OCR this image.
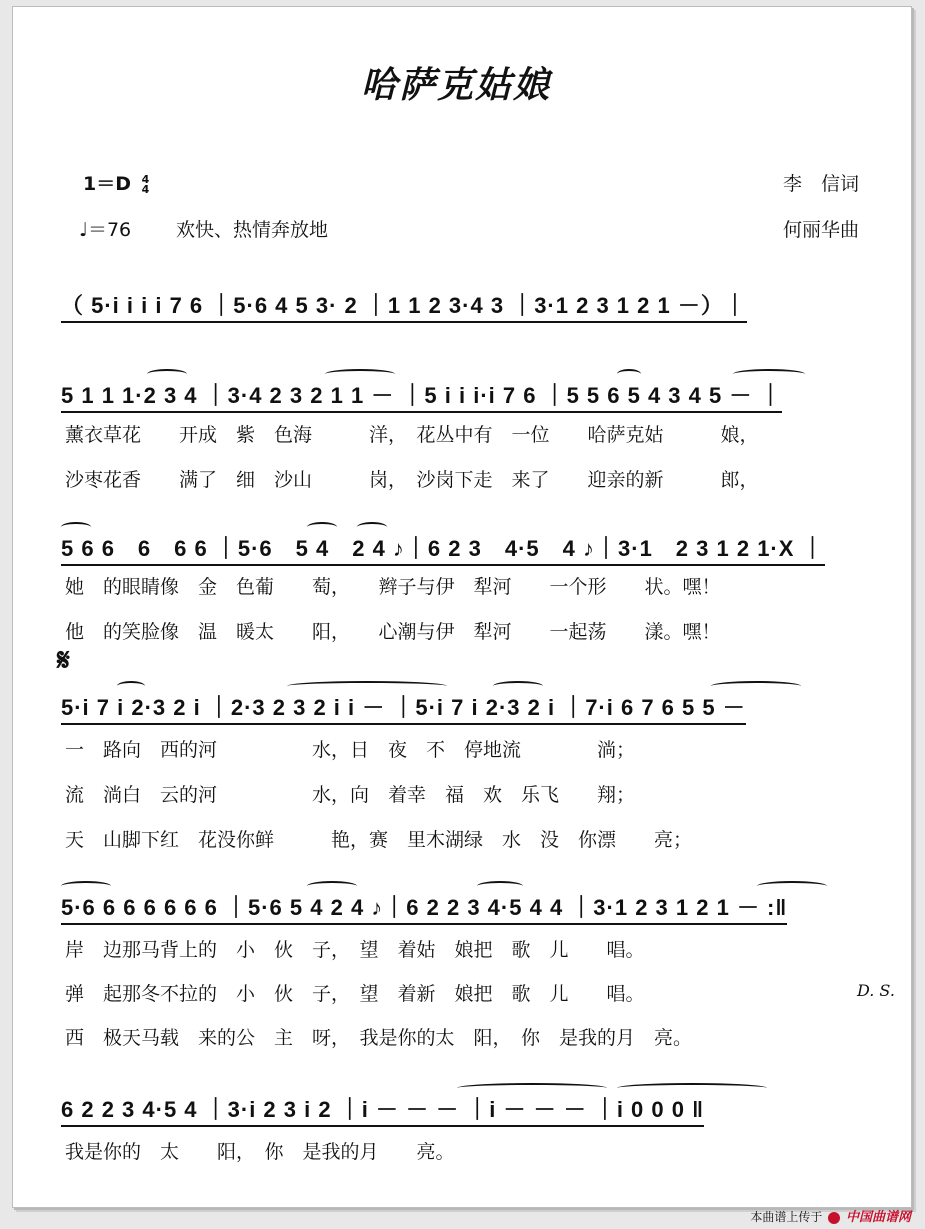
哈萨克姑娘
1＝D 4
4	李　信词
♩＝76 欢快、热情奔放地	何丽华曲
（ 5·i i i i 7 6 ｜5·6 4 5 3· 2 ｜1 1 2 3·4 3 ｜3·1 2 3 1 2 1 －）｜
5 1 1 1·2 3 4 ｜3·4 2 3 2 1 1 － ｜5 i i i·i 7 6 ｜5 5 6 5 4 3 4 5 － ｜
薰衣草花　　开成　紫　色海　　　洋，　花丛中有　一位　　哈萨克姑　　　娘，
沙枣花香　　满了　细　沙山　　　岗，　沙岗下走　来了　　迎亲的新　　　郎，
5 6 6　6　6 6 ｜5·6　5 4　2 4 ♪｜6 2 3　4·5　4 ♪｜3·1　2 3 1 2 1·X ｜
她　的眼睛像　金　色葡　　萄，　　辫子与伊　犁河　　一个形　　状。嘿！
他　的笑脸像　温　暖太　　阳，　　心潮与伊　犁河　　一起荡　　漾。嘿！
𝄋
5·i 7 i 2·3 2 i ｜2·3 2 3 2 i i － ｜5·i 7 i 2·3 2 i ｜7·i 6 7 6 5 5 －
一　路向　西的河　　　　　水，日　夜　不　停地流　　　　淌；
流　淌白　云的河　　　　　水，向　着幸　福　欢　乐飞　　翔；
天　山脚下红　花没你鲜　　　艳，赛　里木湖绿　水　没　你漂　　亮；
5·6 6 6 6 6 6 6 ｜5·6 5 4 2 4 ♪｜6 2 2 3 4·5 4 4 ｜3·1 2 3 1 2 1 － :‖
岸　边那马背上的　小　伙　子，　望　着姑　娘把　歌　儿　　唱。
弹　起那冬不拉的　小　伙　子，　望　着新　娘把　歌　儿　　唱。	D. S.
西　极天马载　来的公　主　呀，　我是你的太　阳，　你　是我的月　亮。
6 2 2 3 4·5 4 ｜3·i 2 3 i 2 ｜i － － － ｜i － － － ｜i 0 0 0 ‖
我是你的　太　　阳，　你　是我的月　　亮。
本曲谱上传于 中国曲谱网
